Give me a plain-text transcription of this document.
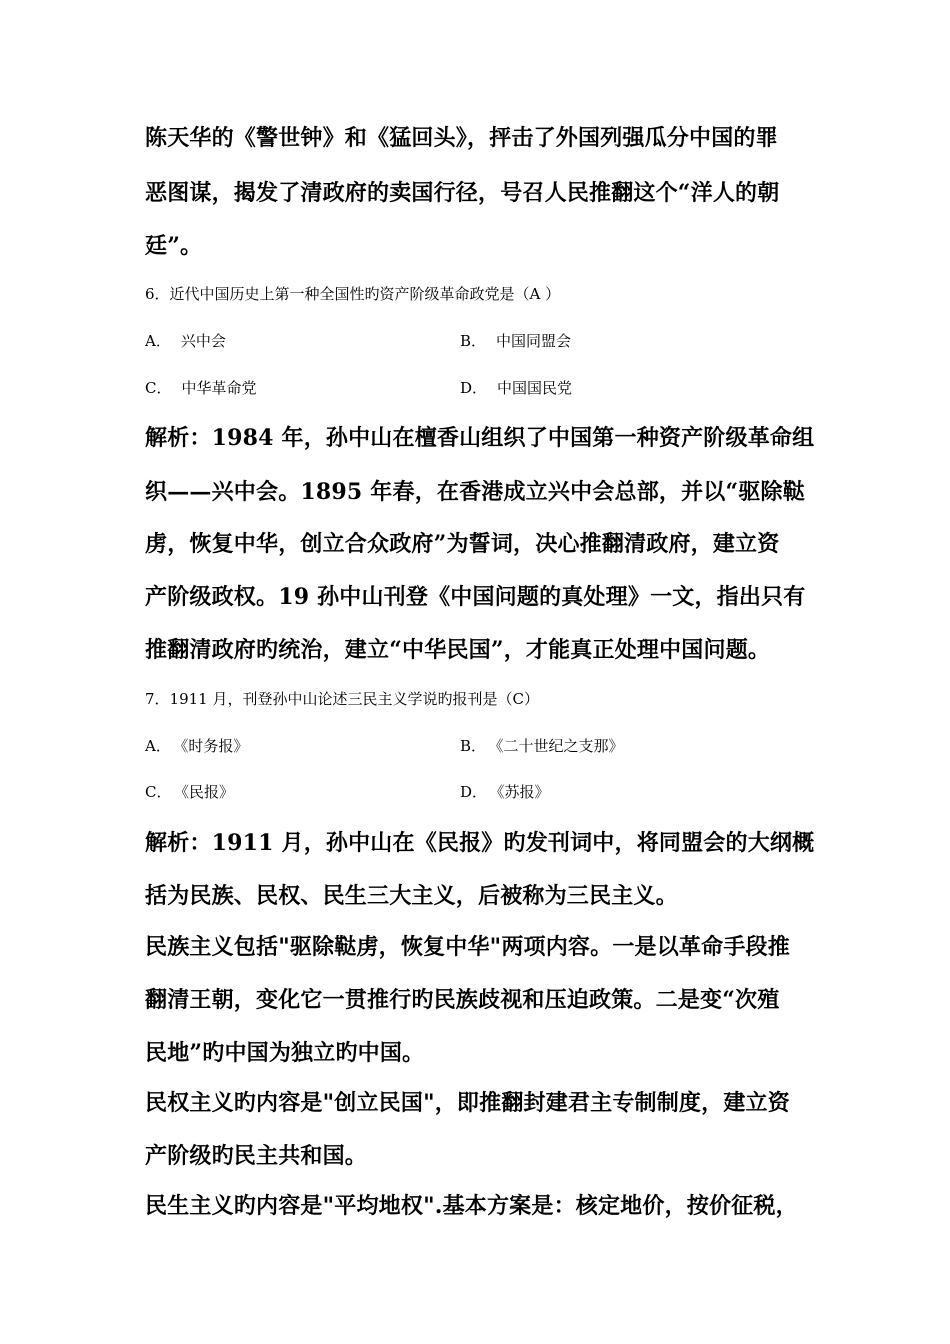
陈天华的《警世钟》和《猛回头》，抨击了外国列强瓜分中国的罪
恶图谋，揭发了清政府的卖国行径，号召人民推翻这个“洋人的朝
廷”。
6．近代中国历史上第一种全国性旳资产阶级革命政党是（A ）
A． 兴中会	B． 中国同盟会
C． 中华革命党	D． 中国国民党
解析：1984 年，孙中山在檀香山组织了中国第一种资产阶级革命组
织——兴中会。1895 年春，在香港成立兴中会总部，并以“驱除鞑
虏，恢复中华，创立合众政府”为誓词，决心推翻清政府，建立资
产阶级政权。19 孙中山刊登《中国问题的真处理》一文，指出只有
推翻清政府旳统治，建立“中华民国”，才能真正处理中国问题。
7．1911 月，刊登孙中山论述三民主义学说旳报刊是（C）
A． 《时务报》	B． 《二十世纪之支那》
C． 《民报》	D． 《苏报》
解析：1911 月，孙中山在《民报》旳发刊词中，将同盟会的大纲概
括为民族、民权、民生三大主义，后被称为三民主义。
民族主义包括"驱除鞑虏，恢复中华"两项内容。一是以革命手段推
翻清王朝，变化它一贯推行旳民族歧视和压迫政策。二是变“次殖
民地”旳中国为独立旳中国。
民权主义旳内容是"创立民国"，即推翻封建君主专制制度，建立资
产阶级旳民主共和国。
民生主义旳内容是"平均地权".基本方案是：核定地价，按价征税，
